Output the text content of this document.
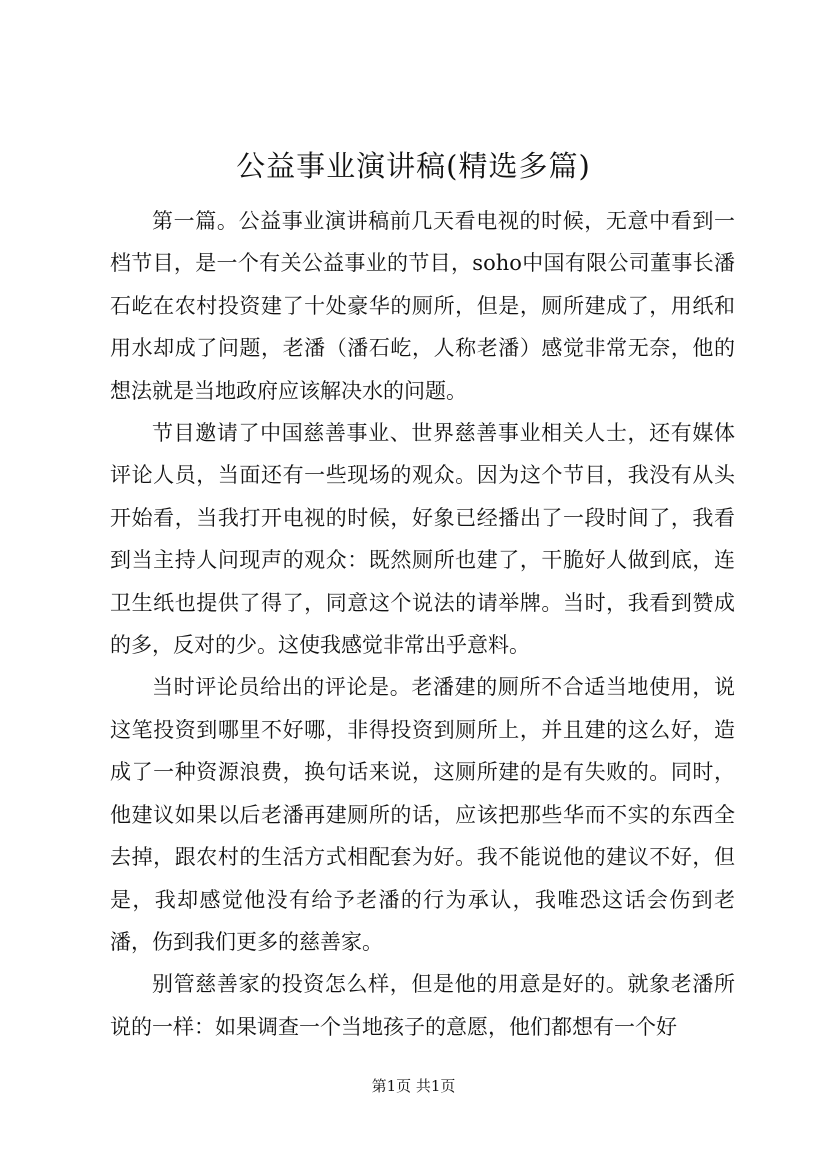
公益事业演讲稿(精选多篇)

第一篇。公益事业演讲稿前几天看电视的时候，无意中看到一档节目，是一个有关公益事业的节目，soho中国有限公司董事长潘石屹在农村投资建了十处豪华的厕所，但是，厕所建成了，用纸和用水却成了问题，老潘（潘石屹，人称老潘）感觉非常无奈，他的想法就是当地政府应该解决水的问题。

节目邀请了中国慈善事业、世界慈善事业相关人士，还有媒体评论人员，当面还有一些现场的观众。因为这个节目，我没有从头开始看，当我打开电视的时候，好象已经播出了一段时间了，我看到当主持人问现声的观众：既然厕所也建了，干脆好人做到底，连卫生纸也提供了得了，同意这个说法的请举牌。当时，我看到赞成的多，反对的少。这使我感觉非常出乎意料。

当时评论员给出的评论是。老潘建的厕所不合适当地使用，说这笔投资到哪里不好哪，非得投资到厕所上，并且建的这么好，造成了一种资源浪费，换句话来说，这厕所建的是有失败的。同时，他建议如果以后老潘再建厕所的话，应该把那些华而不实的东西全去掉，跟农村的生活方式相配套为好。我不能说他的建议不好，但是，我却感觉他没有给予老潘的行为承认，我唯恐这话会伤到老潘，伤到我们更多的慈善家。

别管慈善家的投资怎么样，但是他的用意是好的。就象老潘所说的一样：如果调查一个当地孩子的意愿，他们都想有一个好

第1页 共1页
